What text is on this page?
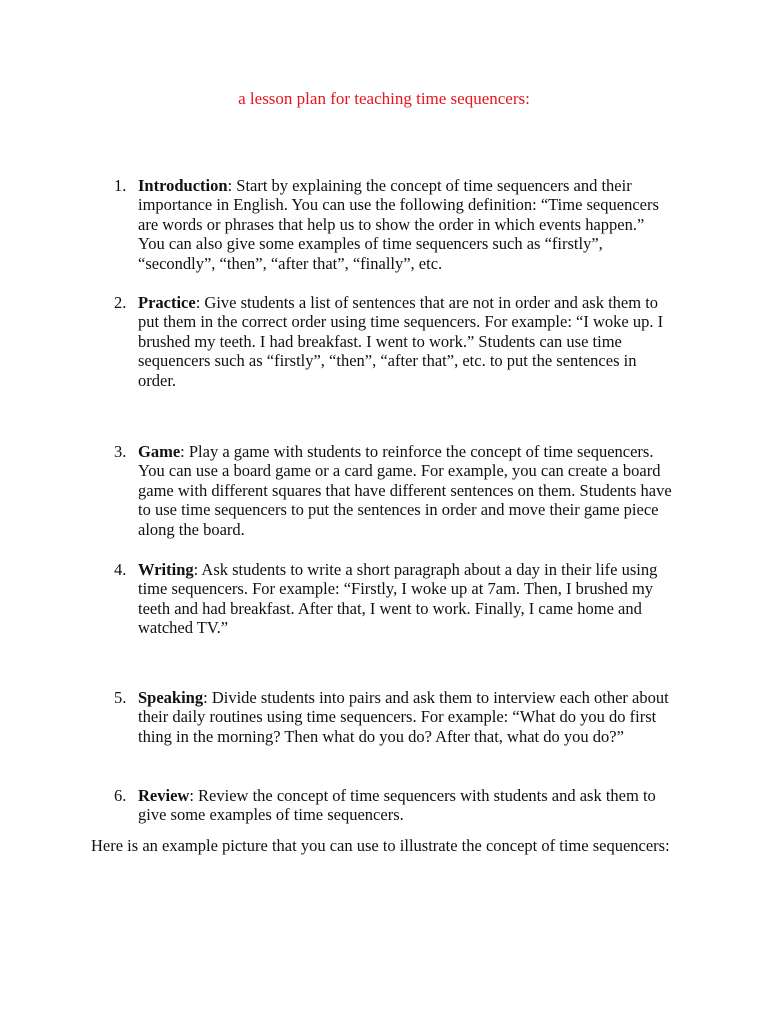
a lesson plan for teaching time sequencers:
1. Introduction: Start by explaining the concept of time sequencers and their importance in English. You can use the following definition: “Time sequencers are words or phrases that help us to show the order in which events happen.” You can also give some examples of time sequencers such as “firstly”, “secondly”, “then”, “after that”, “finally”, etc.
2. Practice: Give students a list of sentences that are not in order and ask them to put them in the correct order using time sequencers. For example: “I woke up. I brushed my teeth. I had breakfast. I went to work.” Students can use time sequencers such as “firstly”, “then”, “after that”, etc. to put the sentences in order.
3. Game: Play a game with students to reinforce the concept of time sequencers. You can use a board game or a card game. For example, you can create a board game with different squares that have different sentences on them. Students have to use time sequencers to put the sentences in order and move their game piece along the board.
4. Writing: Ask students to write a short paragraph about a day in their life using time sequencers. For example: “Firstly, I woke up at 7am. Then, I brushed my teeth and had breakfast. After that, I went to work. Finally, I came home and watched TV.”
5. Speaking: Divide students into pairs and ask them to interview each other about their daily routines using time sequencers. For example: “What do you do first thing in the morning? Then what do you do? After that, what do you do?”
6. Review: Review the concept of time sequencers with students and ask them to give some examples of time sequencers.
Here is an example picture that you can use to illustrate the concept of time sequencers:
